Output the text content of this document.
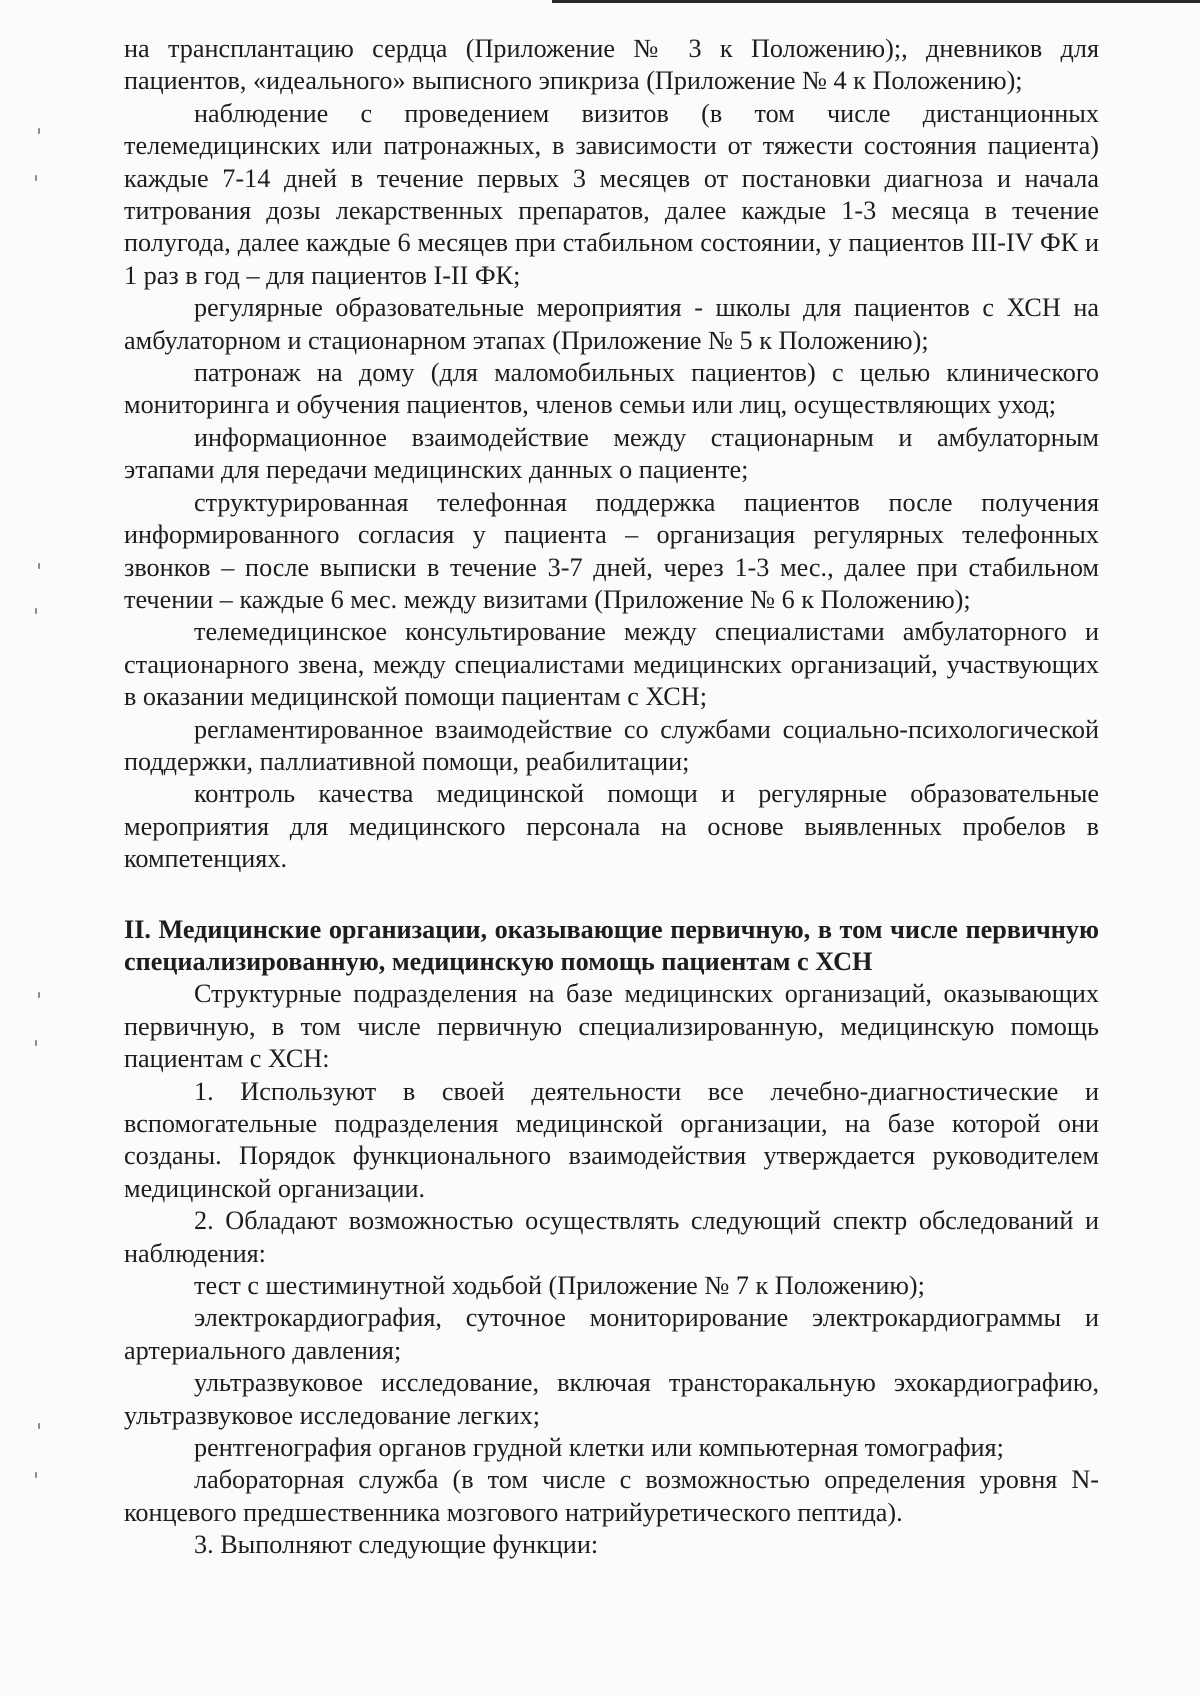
на трансплантацию сердца (Приложение № 3 к Положению);, дневников для пациентов, «идеального» выписного эпикриза (Приложение № 4 к Положению);

наблюдение с проведением визитов (в том числе дистанционных телемедицинских или патронажных, в зависимости от тяжести состояния пациента) каждые 7-14 дней в течение первых 3 месяцев от постановки диагноза и начала титрования дозы лекарственных препаратов, далее каждые 1-3 месяца в течение полугода, далее каждые 6 месяцев при стабильном состоянии, у пациентов III-IV ФК и 1 раз в год – для пациентов I-II ФК;

регулярные образовательные мероприятия - школы для пациентов с ХСН на амбулаторном и стационарном этапах (Приложение № 5 к Положению);

патронаж на дому (для маломобильных пациентов) с целью клинического мониторинга и обучения пациентов, членов семьи или лиц, осуществляющих уход;

информационное взаимодействие между стационарным и амбулаторным этапами для передачи медицинских данных о пациенте;

структурированная телефонная поддержка пациентов после получения информированного согласия у пациента – организация регулярных телефонных звонков – после выписки в течение 3-7 дней, через 1-3 мес., далее при стабильном течении – каждые 6 мес. между визитами (Приложение № 6 к Положению);

телемедицинское консультирование между специалистами амбулаторного и стационарного звена, между специалистами медицинских организаций, участвующих в оказании медицинской помощи пациентам с ХСН;

регламентированное взаимодействие со службами социально-психологической поддержки, паллиативной помощи, реабилитации;

контроль качества медицинской помощи и регулярные образовательные мероприятия для медицинского персонала на основе выявленных пробелов в компетенциях.

II. Медицинские организации, оказывающие первичную, в том числе первичную специализированную, медицинскую помощь пациентам с ХСН

Структурные подразделения на базе медицинских организаций, оказывающих первичную, в том числе первичную специализированную, медицинскую помощь пациентам с ХСН:

1. Используют в своей деятельности все лечебно-диагностические и вспомогательные подразделения медицинской организации, на базе которой они созданы. Порядок функционального взаимодействия утверждается руководителем медицинской организации.

2. Обладают возможностью осуществлять следующий спектр обследований и наблюдения:

тест с шестиминутной ходьбой (Приложение № 7 к Положению);

электрокардиография, суточное мониторирование электрокардиограммы и артериального давления;

ультразвуковое исследование, включая трансторакальную эхокардиографию, ультразвуковое исследование легких;

рентгенография органов грудной клетки или компьютерная томография;

лабораторная служба (в том числе с возможностью определения уровня N-концевого предшественника мозгового натрийуретического пептида).

3. Выполняют следующие функции:
